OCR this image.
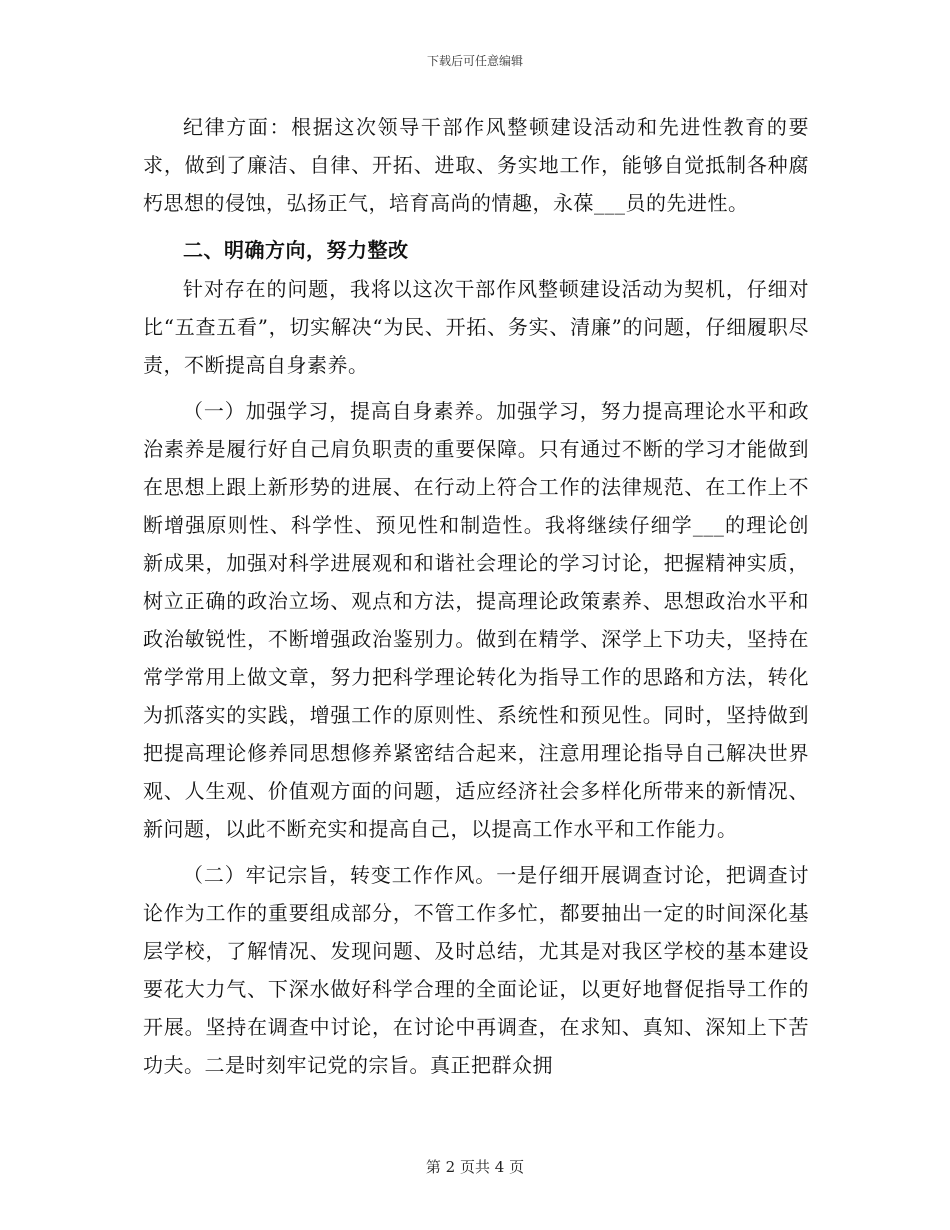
下载后可任意编辑

纪律方面：根据这次领导干部作风整顿建设活动和先进性教育的要求，做到了廉洁、自律、开拓、进取、务实地工作，能够自觉抵制各种腐朽思想的侵蚀，弘扬正气，培育高尚的情趣，永葆___员的先进性。

二、明确方向，努力整改

针对存在的问题，我将以这次干部作风整顿建设活动为契机，仔细对比“五查五看”，切实解决“为民、开拓、务实、清廉”的问题，仔细履职尽责，不断提高自身素养。

（一）加强学习，提高自身素养。加强学习，努力提高理论水平和政治素养是履行好自己肩负职责的重要保障。只有通过不断的学习才能做到在思想上跟上新形势的进展、在行动上符合工作的法律规范、在工作上不断增强原则性、科学性、预见性和制造性。我将继续仔细学___的理论创新成果，加强对科学进展观和和谐社会理论的学习讨论，把握精神实质，树立正确的政治立场、观点和方法，提高理论政策素养、思想政治水平和政治敏锐性，不断增强政治鉴别力。做到在精学、深学上下功夫，坚持在常学常用上做文章，努力把科学理论转化为指导工作的思路和方法，转化为抓落实的实践，增强工作的原则性、系统性和预见性。同时，坚持做到把提高理论修养同思想修养紧密结合起来，注意用理论指导自己解决世界观、人生观、价值观方面的问题，适应经济社会多样化所带来的新情况、新问题，以此不断充实和提高自己，以提高工作水平和工作能力。

（二）牢记宗旨，转变工作作风。一是仔细开展调查讨论，把调查讨论作为工作的重要组成部分，不管工作多忙，都要抽出一定的时间深化基层学校，了解情况、发现问题、及时总结，尤其是对我区学校的基本建设要花大力气、下深水做好科学合理的全面论证，以更好地督促指导工作的开展。坚持在调查中讨论，在讨论中再调查，在求知、真知、深知上下苦功夫。二是时刻牢记党的宗旨。真正把群众拥

第 2 页共 4 页
